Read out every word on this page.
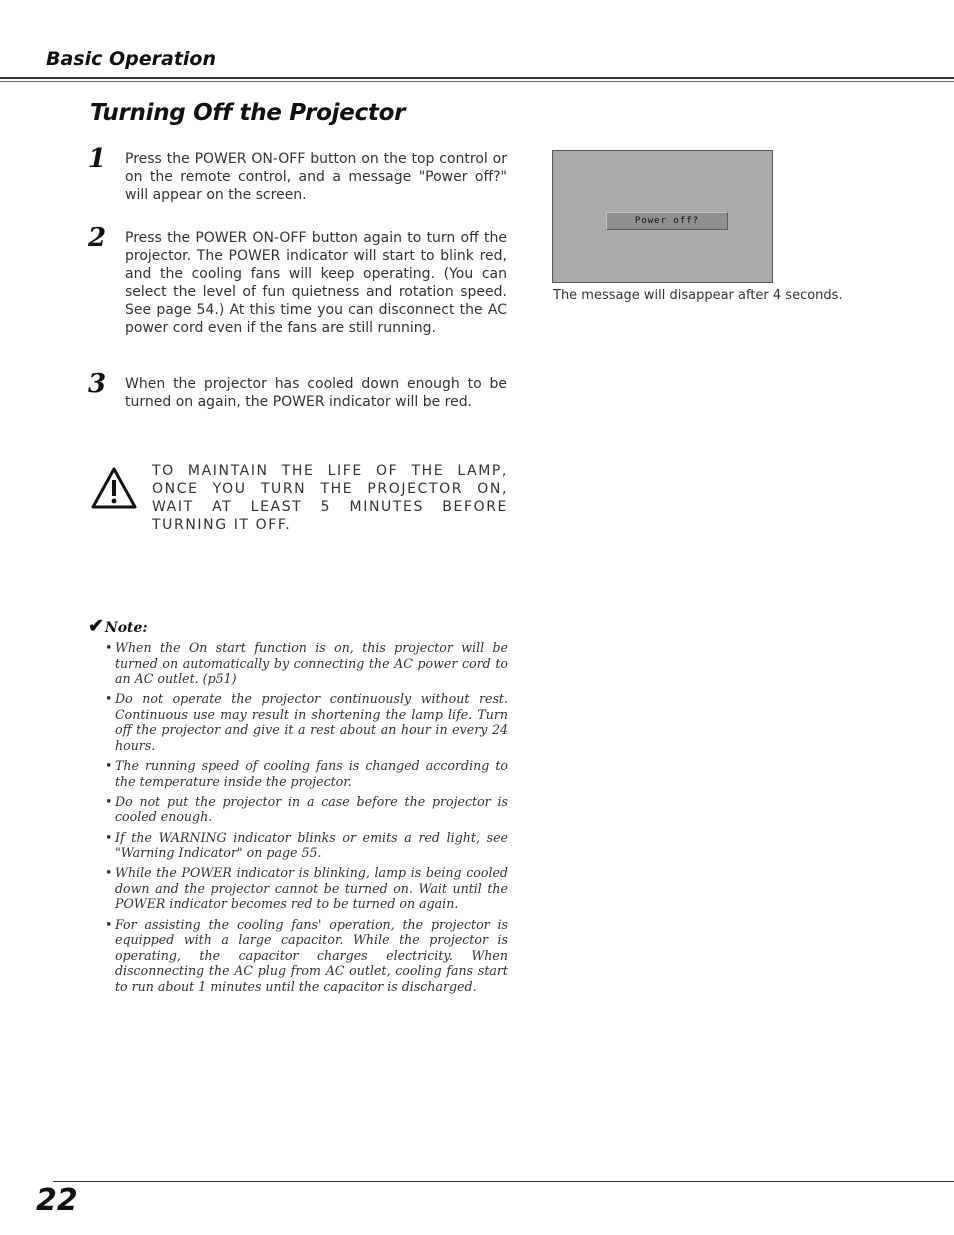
Basic Operation
Turning Off the Projector
1 Press the POWER ON-OFF button on the top control or on the remote control, and a message "Power off?" will appear on the screen.
2 Press the POWER ON-OFF button again to turn off the projector. The POWER indicator will start to blink red, and the cooling fans will keep operating. (You can select the level of fun quietness and rotation speed. See page 54.) At this time you can disconnect the AC power cord even if the fans are still running.
3 When the projector has cooled down enough to be turned on again, the POWER indicator will be red.
TO MAINTAIN THE LIFE OF THE LAMP, ONCE YOU TURN THE PROJECTOR ON, WAIT AT LEAST 5 MINUTES BEFORE TURNING IT OFF.
Power off?
The message will disappear after 4 seconds.
✔Note:
• When the On start function is on, this projector will be turned on automatically by connecting the AC power cord to an AC outlet. (p51)
• Do not operate the projector continuously without rest. Continuous use may result in shortening the lamp life. Turn off the projector and give it a rest about an hour in every 24 hours.
• The running speed of cooling fans is changed according to the temperature inside the projector.
• Do not put the projector in a case before the projector is cooled enough.
• If the WARNING indicator blinks or emits a red light, see "Warning Indicator" on page 55.
• While the POWER indicator is blinking, lamp is being cooled down and the projector cannot be turned on. Wait until the POWER indicator becomes red to be turned on again.
• For assisting the cooling fans' operation, the projector is equipped with a large capacitor. While the projector is operating, the capacitor charges electricity. When disconnecting the AC plug from AC outlet, cooling fans start to run about 1 minutes until the capacitor is discharged.
22
